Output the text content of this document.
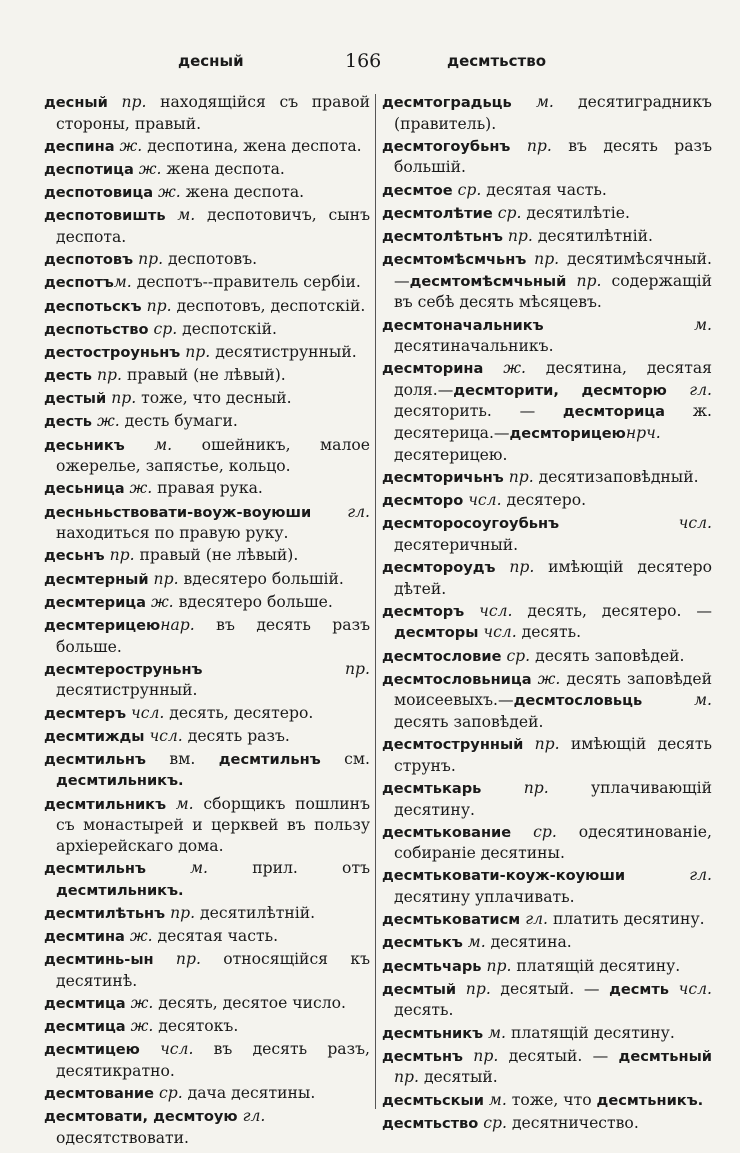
десный	166	десмтьство
десный пр. находящійся съ правой стороны, правый.
деспина ж. деспотина, жена деспота.
деспотица ж. жена деспота.
деспотовица ж. жена деспота.
деспотовишть м. деспотовичъ, сынъ деспота.
деспотовъ пр. деспотовъ.
деспотъм. деспотъ--правитель сербіи.
деспотьскъ пр. деспотовъ, деспотскій.
деспотьство ср. деспотскій.
дестостроуньнъ пр. десятиструнный.
десть пр. правый (не лѣвый).
дестый пр. тоже, что десный.
десть ж. десть бумаги.
десьникъ м. ошейникъ, малое ожерелье, запястье, кольцо.
десьница ж. правая рука.
десньньствовати-воуж-воуюши гл. находиться по правую руку.
десьнъ пр. правый (не лѣвый).
десмтерный пр. вдесятеро большій.
десмтерица ж. вдесятеро больше.
десмтерицеюнар. въ десять разъ больше.
десмтероструньнъ	пр. десятиструнный.
десмтеръ чсл. десять, десятеро.
десмтижды чсл. десять разъ.
десмтильнъ вм. десмтильнъ см. десмтильникъ.
десмтильникъ м. сборщикъ пошлинъ съ монастырей и церквей въ пользу архіерейскаго дома.
десмтильнъ	м. прил. отъ десмтильникъ.
десмтилѣтьнъ пр. десятилѣтній.
десмтина ж. десятая часть.
десмтинь-ын пр. относящійся къ десятинѣ.
десмтица ж. десять, десятое число.
десмтица ж. десятокъ.
десмтицею чсл. въ десять разъ, десятикратно.
десмтование ср. дача десятины.
десмтовати, десмтоую гл. одесятствовати.
десмтоградьць м. десятиградникъ (правитель).
десмтогоубьнъ пр. въ десять разъ большій.
десмтое ср. десятая часть.
десмтолѣтие ср. десятилѣтіе.
десмтолѣтьнъ пр. десятилѣтній.
десмтомѣсмчьнъ пр. десятимѣсячный.—десмтомѣсмчьный пр. содержащій въ себѣ десять мѣсяцевъ.
десмтоначальникъ	м. десятиначальникъ.
десмторина ж. десятина, десятая доля.—десмторити, десмторю гл. десяторить. — десмторица ж. десятерица.—десмторицеюнрч. десятерицею.
десмторичьнъ пр. десятизаповѣдный.
десмторо чсл. десятеро.
десмторосоугоубьнъ	чсл. десятеричный.
десмтороудъ пр. имѣющій десятеро дѣтей.
десмторъ чсл. десять, десятеро. — десмторы чсл. десять.
десмтословие ср. десять заповѣдей.
десмтословьница ж. десять заповѣдей моисеевыхъ.—десмтословьць	м. десять заповѣдей.
десмтострунный пр. имѣющій десять струнъ.
десмтькарь	пр. уплачивающій десятину.
десмтькование ср. одесятинованіе, собираніе десятины.
десмтьковати-коуж-коуюши	гл. десятину уплачивать.
десмтьковатисм гл. платить десятину.
десмтькъ м. десятина.
десмтьчарь пр. платящій десятину.
десмтый пр. десятый. — десмть чсл. десять.
десмтьникъ м. платящій десятину.
десмтьнъ пр. десятый. — десмтьный пр. десятый.
десмтьскыи м. тоже, что десмтьникъ.
десмтьство ср. десятничество.
